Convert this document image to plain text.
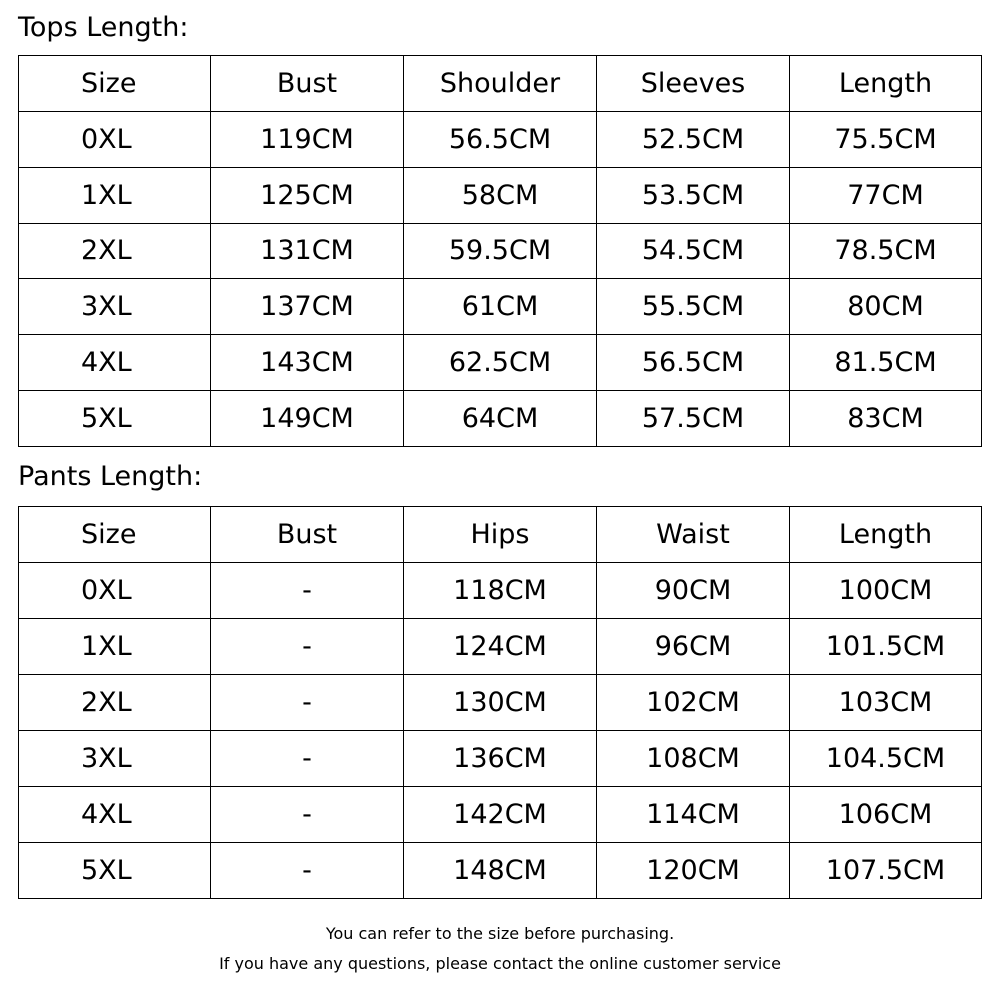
Tops Length:
Size	Bust	Shoulder	Sleeves	Length
0XL	119CM	56.5CM	52.5CM	75.5CM
1XL	125CM	58CM	53.5CM	77CM
2XL	131CM	59.5CM	54.5CM	78.5CM
3XL	137CM	61CM	55.5CM	80CM
4XL	143CM	62.5CM	56.5CM	81.5CM
5XL	149CM	64CM	57.5CM	83CM
Pants Length:
Size	Bust	Hips	Waist	Length
0XL	-	118CM	90CM	100CM
1XL	-	124CM	96CM	101.5CM
2XL	-	130CM	102CM	103CM
3XL	-	136CM	108CM	104.5CM
4XL	-	142CM	114CM	106CM
5XL	-	148CM	120CM	107.5CM

You can refer to the size before purchasing.

If you have any questions, please contact the online customer service
